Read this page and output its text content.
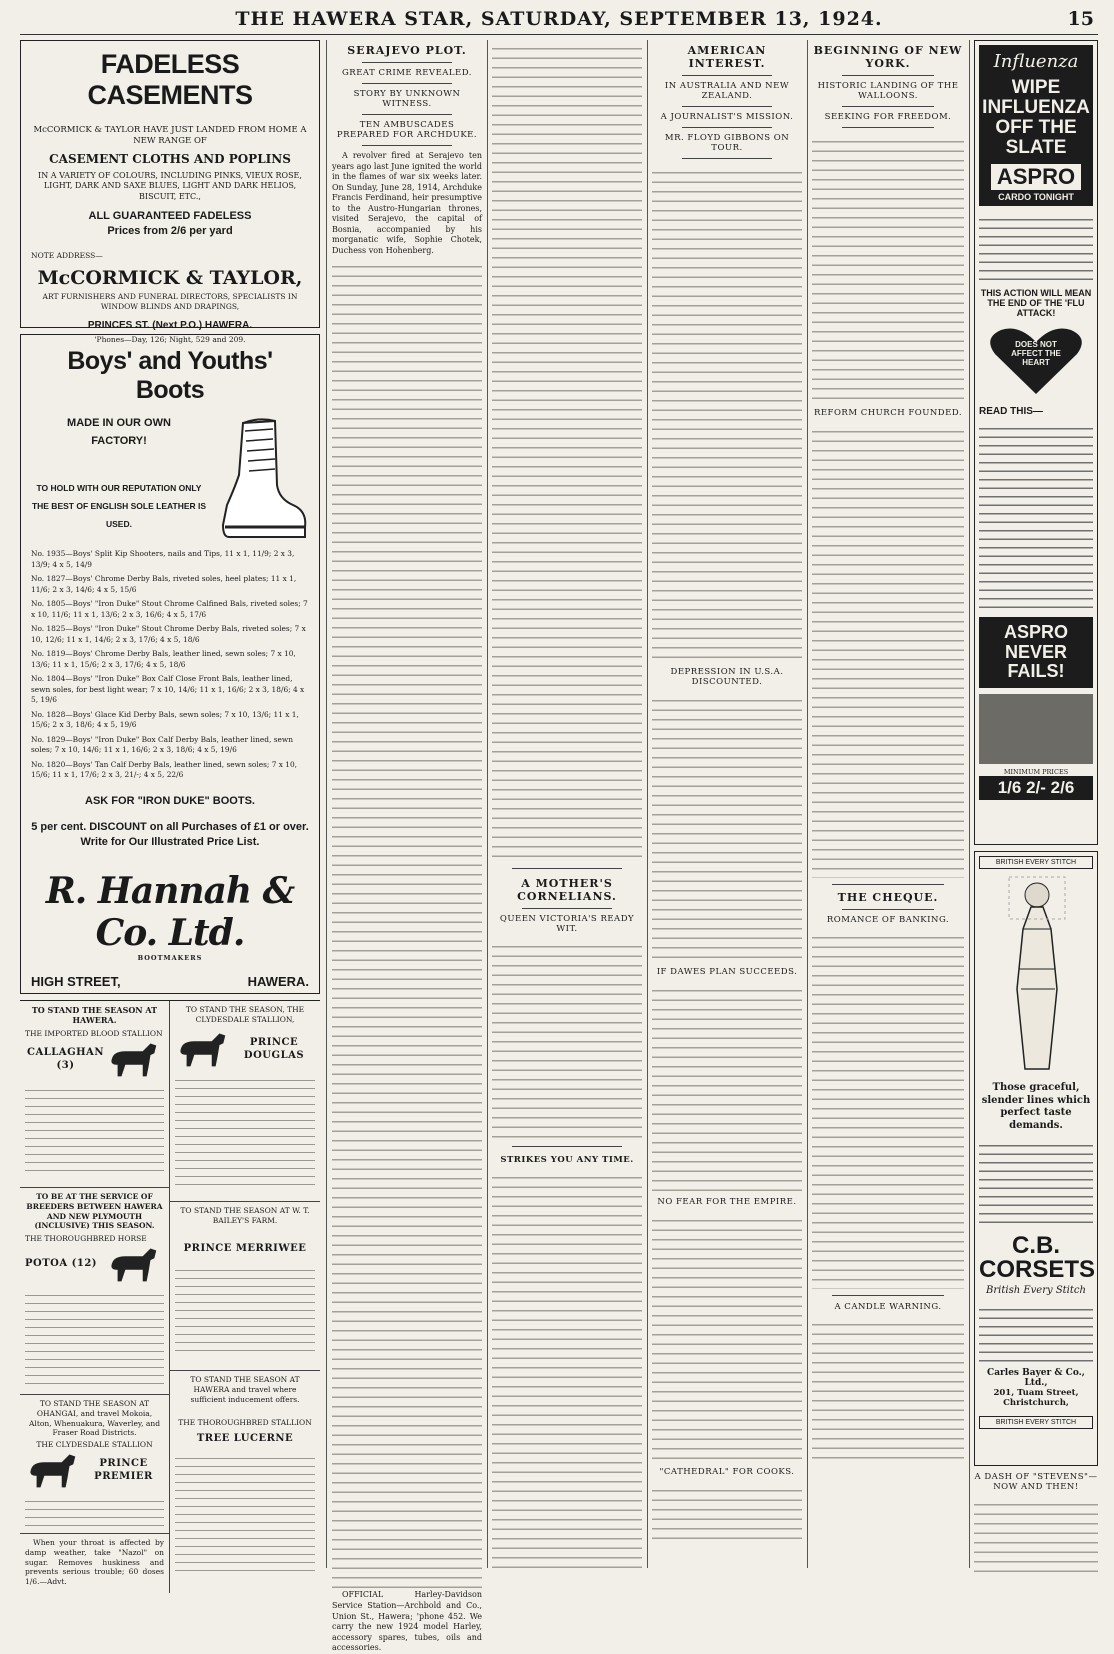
THE HAWERA STAR, SATURDAY, SEPTEMBER 13, 1924.	15
FADELESS CASEMENTS
McCORMICK & TAYLOR HAVE JUST LANDED FROM HOME A NEW RANGE OF
CASEMENT CLOTHS AND POPLINS
IN A VARIETY OF COLOURS, INCLUDING PINKS, VIEUX ROSE, LIGHT, DARK AND SAXE BLUES, LIGHT AND DARK HELIOS, BISCUIT, ETC.,
ALL GUARANTEED FADELESS
Prices from 2/6 per yard
NOTE ADDRESS—
McCORMICK & TAYLOR,
ART FURNISHERS AND FUNERAL DIRECTORS, SPECIALISTS IN WINDOW BLINDS AND DRAPINGS,
PRINCES ST. (Next P.O.) HAWERA.
'Phones—Day, 126; Night, 529 and 209.
Boys' and Youths' Boots
MADE IN OUR OWN FACTORY!
TO HOLD WITH OUR REPUTATION ONLY THE BEST OF ENGLISH SOLE LEATHER IS USED.
No. 1935—Boys' Split Kip Shooters, nails and Tips, 11 x 1, 11/9; 2 x 3, 13/9; 4 x 5, 14/9
No. 1827—Boys' Chrome Derby Bals, riveted soles, heel plates; 11 x 1, 11/6; 2 x 3, 14/6; 4 x 5, 15/6
No. 1805—Boys' "Iron Duke" Stout Chrome Calfined Bals, riveted soles; 7 x 10, 11/6; 11 x 1, 13/6; 2 x 3, 16/6; 4 x 5, 17/6
No. 1825—Boys' "Iron Duke" Stout Chrome Derby Bals, riveted soles; 7 x 10, 12/6; 11 x 1, 14/6; 2 x 3, 17/6; 4 x 5, 18/6
No. 1819—Boys' Chrome Derby Bals, leather lined, sewn soles; 7 x 10, 13/6; 11 x 1, 15/6; 2 x 3, 17/6; 4 x 5, 18/6
No. 1804—Boys' "Iron Duke" Box Calf Close Front Bals, leather lined, sewn soles, for best light wear; 7 x 10, 14/6; 11 x 1, 16/6; 2 x 3, 18/6; 4 x 5, 19/6
No. 1828—Boys' Glace Kid Derby Bals, sewn soles; 7 x 10, 13/6; 11 x 1, 15/6; 2 x 3, 18/6; 4 x 5, 19/6
No. 1829—Boys' "Iron Duke" Box Calf Derby Bals, leather lined, sewn soles; 7 x 10, 14/6; 11 x 1, 16/6; 2 x 3, 18/6; 4 x 5, 19/6
No. 1820—Boys' Tan Calf Derby Bals, leather lined, sewn soles; 7 x 10, 15/6; 11 x 1, 17/6; 2 x 3, 21/-; 4 x 5, 22/6
ASK FOR "IRON DUKE" BOOTS.
5 per cent. DISCOUNT on all Purchases of £1 or over.
Write for Our Illustrated Price List.
R. Hannah & Co. Ltd.
BOOTMAKERS
HIGH STREET,	HAWERA.
TO STAND THE SEASON AT HAWERA.
THE IMPORTED BLOOD STALLION
CALLAGHAN (3)
TO BE AT THE SERVICE OF BREEDERS BETWEEN HAWERA AND NEW PLYMOUTH (INCLUSIVE) THIS SEASON.
THE THOROUGHBRED HORSE
POTOA (12)
TO STAND THE SEASON AT OHANGAI, and travel Mokoia, Alton, Whenuakura, Waverley, and Fraser Road Districts.
THE CLYDESDALE STALLION
PRINCE PREMIER
When your throat is affected by damp weather, take "Nazol" on sugar. Removes huskiness and prevents serious trouble; 60 doses 1/6.—Advt.
TO STAND THE SEASON, THE CLYDESDALE STALLION,
PRINCE DOUGLAS
TO STAND THE SEASON AT W. T. BAILEY'S FARM.
PRINCE MERRIWEE
TO STAND THE SEASON AT HAWERA and travel where sufficient inducement offers.
THE THOROUGHBRED STALLION
TREE LUCERNE
SERAJEVO PLOT.
GREAT CRIME REVEALED.
STORY BY UNKNOWN WITNESS.
TEN AMBUSCADES PREPARED FOR ARCHDUKE.

A revolver fired at Serajevo ten years ago last June ignited the world in the flames of war six weeks later. On Sunday, June 28, 1914, Archduke Francis Ferdinand, heir presumptive to the Austro-Hungarian thrones, visited Serajevo, the capital of Bosnia, accompanied by his morganatic wife, Sophie Chotek, Duchess von Hohenberg.

OFFICIAL Harley-Davidson Service Station—Archbold and Co., Union St., Hawera; 'phone 452. We carry the new 1924 model Harley, accessory spares, tubes, oils and accessories.

A MOTHER'S CORNELIANS.
QUEEN VICTORIA'S READY WIT.
STRIKES YOU ANY TIME.
AMERICAN INTEREST.
IN AUSTRALIA AND NEW ZEALAND.
A JOURNALIST'S MISSION.
MR. FLOYD GIBBONS ON TOUR.
DEPRESSION IN U.S.A. DISCOUNTED.
IF DAWES PLAN SUCCEEDS.
NO FEAR FOR THE EMPIRE.
"CATHEDRAL" FOR COOKS.
BEGINNING OF NEW YORK.
HISTORIC LANDING OF THE WALLOONS.
SEEKING FOR FREEDOM.
REFORM CHURCH FOUNDED.
THE CHEQUE.
ROMANCE OF BANKING.
A CANDLE WARNING.
Influenza
WIPE INFLUENZA OFF THE SLATE
ASPRO
CARDO TONIGHT
THIS ACTION WILL MEAN THE END OF THE 'FLU ATTACK!
DOES NOT AFFECT THE HEART
READ THIS—
ASPRO NEVER FAILS!
MINIMUM PRICES
1/6 2/- 2/6
BRITISH EVERY STITCH
Those graceful, slender lines which perfect taste demands.
C.B. CORSETS
British Every Stitch
Carles Bayer & Co., Ltd.,
201, Tuam Street, Christchurch,
BRITISH EVERY STITCH
A DASH OF "STEVENS"—NOW AND THEN!
